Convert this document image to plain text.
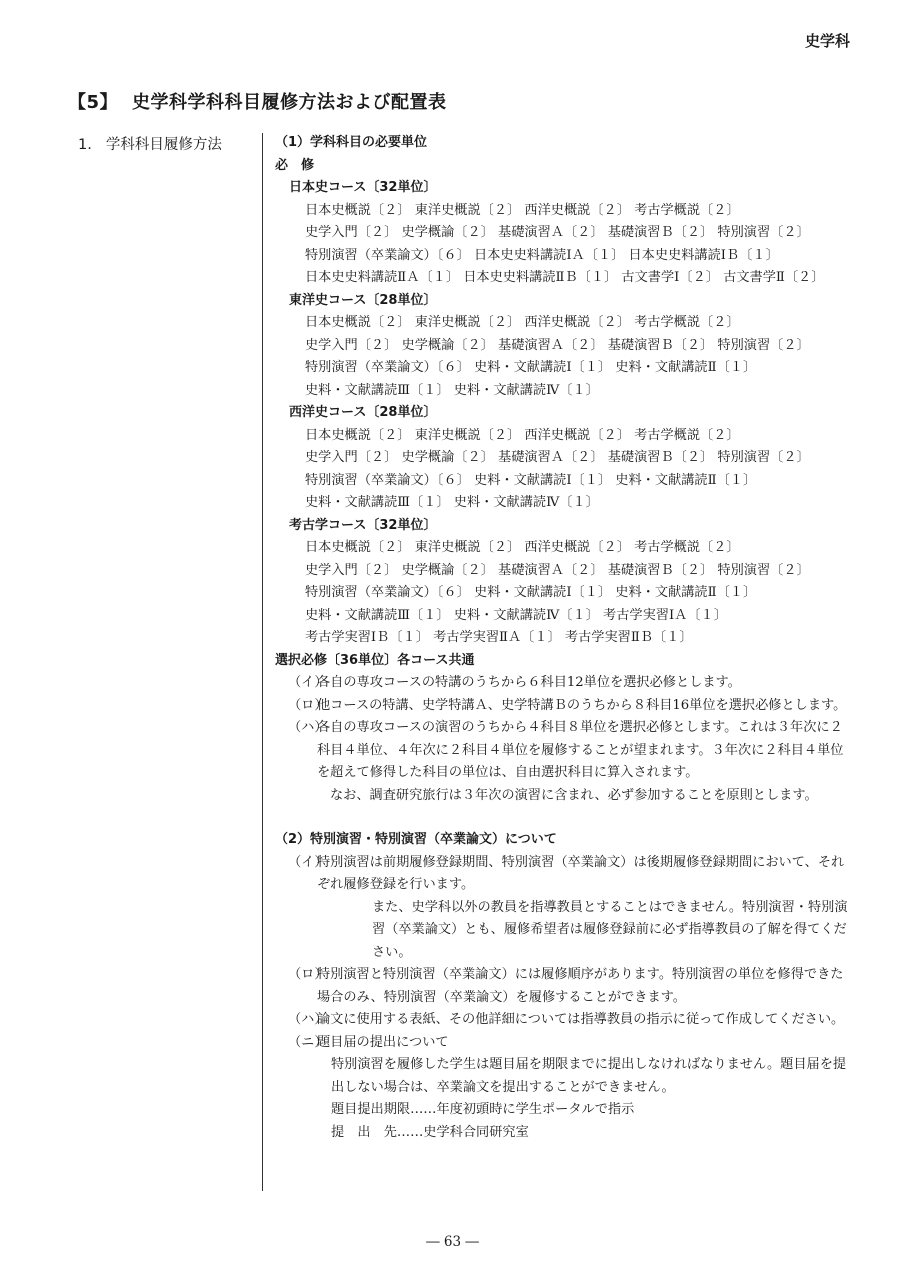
史学科
【5】 史学科学科科目履修方法および配置表
1. 学科科目履修方法	（1）学科科目の必要単位
必　修
日本史コース〔32単位〕
日本史概説〔２〕 東洋史概説〔２〕 西洋史概説〔２〕 考古学概説〔２〕
史学入門〔２〕 史学概論〔２〕 基礎演習Ａ〔２〕 基礎演習Ｂ〔２〕 特別演習〔２〕
特別演習（卒業論文）〔６〕 日本史史料講読ⅠＡ〔１〕 日本史史料講読ⅠＢ〔１〕
日本史史料講読ⅡＡ〔１〕 日本史史料講読ⅡＢ〔１〕 古文書学Ⅰ〔２〕 古文書学Ⅱ〔２〕
東洋史コース〔28単位〕
日本史概説〔２〕 東洋史概説〔２〕 西洋史概説〔２〕 考古学概説〔２〕
史学入門〔２〕 史学概論〔２〕 基礎演習Ａ〔２〕 基礎演習Ｂ〔２〕 特別演習〔２〕
特別演習（卒業論文）〔６〕 史料・文献講読Ⅰ〔１〕 史料・文献講読Ⅱ〔１〕
史料・文献講読Ⅲ〔１〕 史料・文献講読Ⅳ〔１〕
西洋史コース〔28単位〕
日本史概説〔２〕 東洋史概説〔２〕 西洋史概説〔２〕 考古学概説〔２〕
史学入門〔２〕 史学概論〔２〕 基礎演習Ａ〔２〕 基礎演習Ｂ〔２〕 特別演習〔２〕
特別演習（卒業論文）〔６〕 史料・文献講読Ⅰ〔１〕 史料・文献講読Ⅱ〔１〕
史料・文献講読Ⅲ〔１〕 史料・文献講読Ⅳ〔１〕
考古学コース〔32単位〕
日本史概説〔２〕 東洋史概説〔２〕 西洋史概説〔２〕 考古学概説〔２〕
史学入門〔２〕 史学概論〔２〕 基礎演習Ａ〔２〕 基礎演習Ｂ〔２〕 特別演習〔２〕
特別演習（卒業論文）〔６〕 史料・文献講読Ⅰ〔１〕 史料・文献講読Ⅱ〔１〕
史料・文献講読Ⅲ〔１〕 史料・文献講読Ⅳ〔１〕 考古学実習ⅠＡ〔１〕
考古学実習ⅠＢ〔１〕 考古学実習ⅡＡ〔１〕 考古学実習ⅡＢ〔１〕
選択必修〔36単位〕各コース共通
（イ）
各自の専攻コースの特講のうちから６科目12単位を選択必修とします。
（ロ）
他コースの特講、史学特講Ａ、史学特講Ｂのうちから８科目16単位を選択必修とします。
（ハ）
各自の専攻コースの演習のうちから４科目８単位を選択必修とします。これは３年次に２科目４単位、４年次に２科目４単位を履修することが望まれます。３年次に２科目４単位を超えて修得した科目の単位は、自由選択科目に算入されます。
なお、調査研究旅行は３年次の演習に含まれ、必ず参加することを原則とします。
（2）特別演習・特別演習（卒業論文）について
（イ）
特別演習は前期履修登録期間、特別演習（卒業論文）は後期履修登録期間において、それぞれ履修登録を行います。
また、史学科以外の教員を指導教員とすることはできません。特別演習・特別演習（卒業論文）とも、履修希望者は履修登録前に必ず指導教員の了解を得てください。
（ロ）
特別演習と特別演習（卒業論文）には履修順序があります。特別演習の単位を修得できた場合のみ、特別演習（卒業論文）を履修することができます。
（ハ）
論文に使用する表紙、その他詳細については指導教員の指示に従って作成してください。
（ニ）
題目届の提出について
特別演習を履修した学生は題目届を期限までに提出しなければなりません。題目届を提出しない場合は、卒業論文を提出することができません。
題目提出期限……年度初頭時に学生ポータルで指示
提　出　先……史学科合同研究室
― 63 ―
